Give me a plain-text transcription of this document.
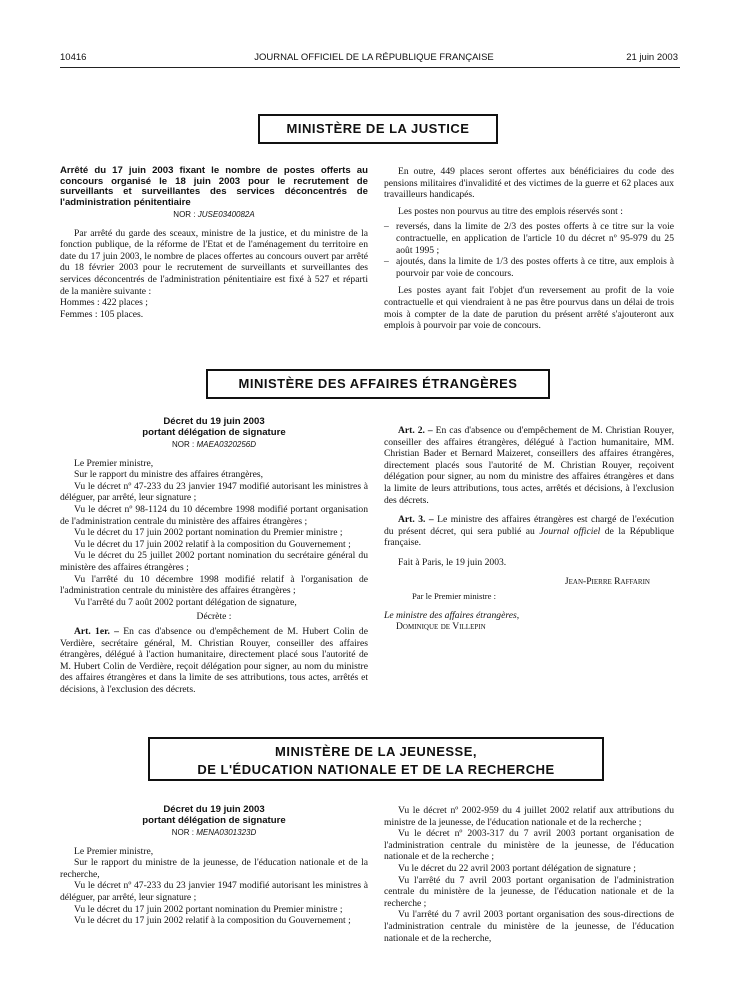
10416	JOURNAL OFFICIEL DE LA RÉPUBLIQUE FRANÇAISE	21 juin 2003
MINISTÈRE DE LA JUSTICE
Arrêté du 17 juin 2003 fixant le nombre de postes offerts au concours organisé le 18 juin 2003 pour le recrutement de surveillants et surveillantes des services déconcentrés de l'administration pénitentiaire
NOR : JUSE0340082A

Par arrêté du garde des sceaux, ministre de la justice, et du ministre de la fonction publique, de la réforme de l'Etat et de l'aménagement du territoire en date du 17 juin 2003, le nombre de places offertes au concours ouvert par arrêté du 18 février 2003 pour le recrutement de surveillants et surveillantes des services déconcentrés de l'administration pénitentiaire est fixé à 527 et réparti de la manière suivante :

Hommes : 422 places ;

Femmes : 105 places.

En outre, 449 places seront offertes aux bénéficiaires du code des pensions militaires d'invalidité et des victimes de la guerre et 62 places aux travailleurs handicapés.

Les postes non pourvus au titre des emplois réservés sont :

– reversés, dans la limite de 2/3 des postes offerts à ce titre sur la voie contractuelle, en application de l'article 10 du décret nº 95-979 du 25 août 1995 ;
– ajoutés, dans la limite de 1/3 des postes offerts à ce titre, aux emplois à pourvoir par voie de concours.

Les postes ayant fait l'objet d'un reversement au profit de la voie contractuelle et qui viendraient à ne pas être pourvus dans un délai de trois mois à compter de la date de parution du présent arrêté s'ajouteront aux emplois à pourvoir par voie de concours.

MINISTÈRE DES AFFAIRES ÉTRANGÈRES
Décret du 19 juin 2003
portant délégation de signature
NOR : MAEA0320256D

Le Premier ministre,

Sur le rapport du ministre des affaires étrangères,

Vu le décret nº 47-233 du 23 janvier 1947 modifié autorisant les ministres à déléguer, par arrêté, leur signature ;

Vu le décret nº 98-1124 du 10 décembre 1998 modifié portant organisation de l'administration centrale du ministère des affaires étrangères ;

Vu le décret du 17 juin 2002 portant nomination du Premier ministre ;

Vu le décret du 17 juin 2002 relatif à la composition du Gouvernement ;

Vu le décret du 25 juillet 2002 portant nomination du secrétaire général du ministère des affaires étrangères ;

Vu l'arrêté du 10 décembre 1998 modifié relatif à l'organisation de l'administration centrale du ministère des affaires étrangères ;

Vu l'arrêté du 7 août 2002 portant délégation de signature,

Décrète :

Art. 1er. – En cas d'absence ou d'empêchement de M. Hubert Colin de Verdière, secrétaire général, M. Christian Rouyer, conseiller des affaires étrangères, délégué à l'action humanitaire, directement placé sous l'autorité de M. Hubert Colin de Verdière, reçoit délégation pour signer, au nom du ministre des affaires étrangères et dans la limite de ses attributions, tous actes, arrêtés et décisions, à l'exclusion des décrets.

Art. 2. – En cas d'absence ou d'empêchement de M. Christian Rouyer, conseiller des affaires étrangères, délégué à l'action humanitaire, MM. Christian Bader et Bernard Maizeret, conseillers des affaires étrangères, directement placés sous l'autorité de M. Christian Rouyer, reçoivent délégation pour signer, au nom du ministre des affaires étrangères et dans la limite de leurs attributions, tous actes, arrêtés et décisions, à l'exclusion des décrets.

Art. 3. – Le ministre des affaires étrangères est chargé de l'exécution du présent décret, qui sera publié au Journal officiel de la République française.

Fait à Paris, le 19 juin 2003.

Jean-Pierre Raffarin

Par le Premier ministre :

Le ministre des affaires étrangères,

Dominique de Villepin

MINISTÈRE DE LA JEUNESSE,
DE L'ÉDUCATION NATIONALE ET DE LA RECHERCHE
Décret du 19 juin 2003
portant délégation de signature
NOR : MENA0301323D

Le Premier ministre,

Sur le rapport du ministre de la jeunesse, de l'éducation nationale et de la recherche,

Vu le décret nº 47-233 du 23 janvier 1947 modifié autorisant les ministres à déléguer, par arrêté, leur signature ;

Vu le décret du 17 juin 2002 portant nomination du Premier ministre ;

Vu le décret du 17 juin 2002 relatif à la composition du Gouvernement ;

Vu le décret nº 2002-959 du 4 juillet 2002 relatif aux attributions du ministre de la jeunesse, de l'éducation nationale et de la recherche ;

Vu le décret nº 2003-317 du 7 avril 2003 portant organisation de l'administration centrale du ministère de la jeunesse, de l'éducation nationale et de la recherche ;

Vu le décret du 22 avril 2003 portant délégation de signature ;

Vu l'arrêté du 7 avril 2003 portant organisation de l'administration centrale du ministère de la jeunesse, de l'éducation nationale et de la recherche ;

Vu l'arrêté du 7 avril 2003 portant organisation des sous-directions de l'administration centrale du ministère de la jeunesse, de l'éducation nationale et de la recherche,
